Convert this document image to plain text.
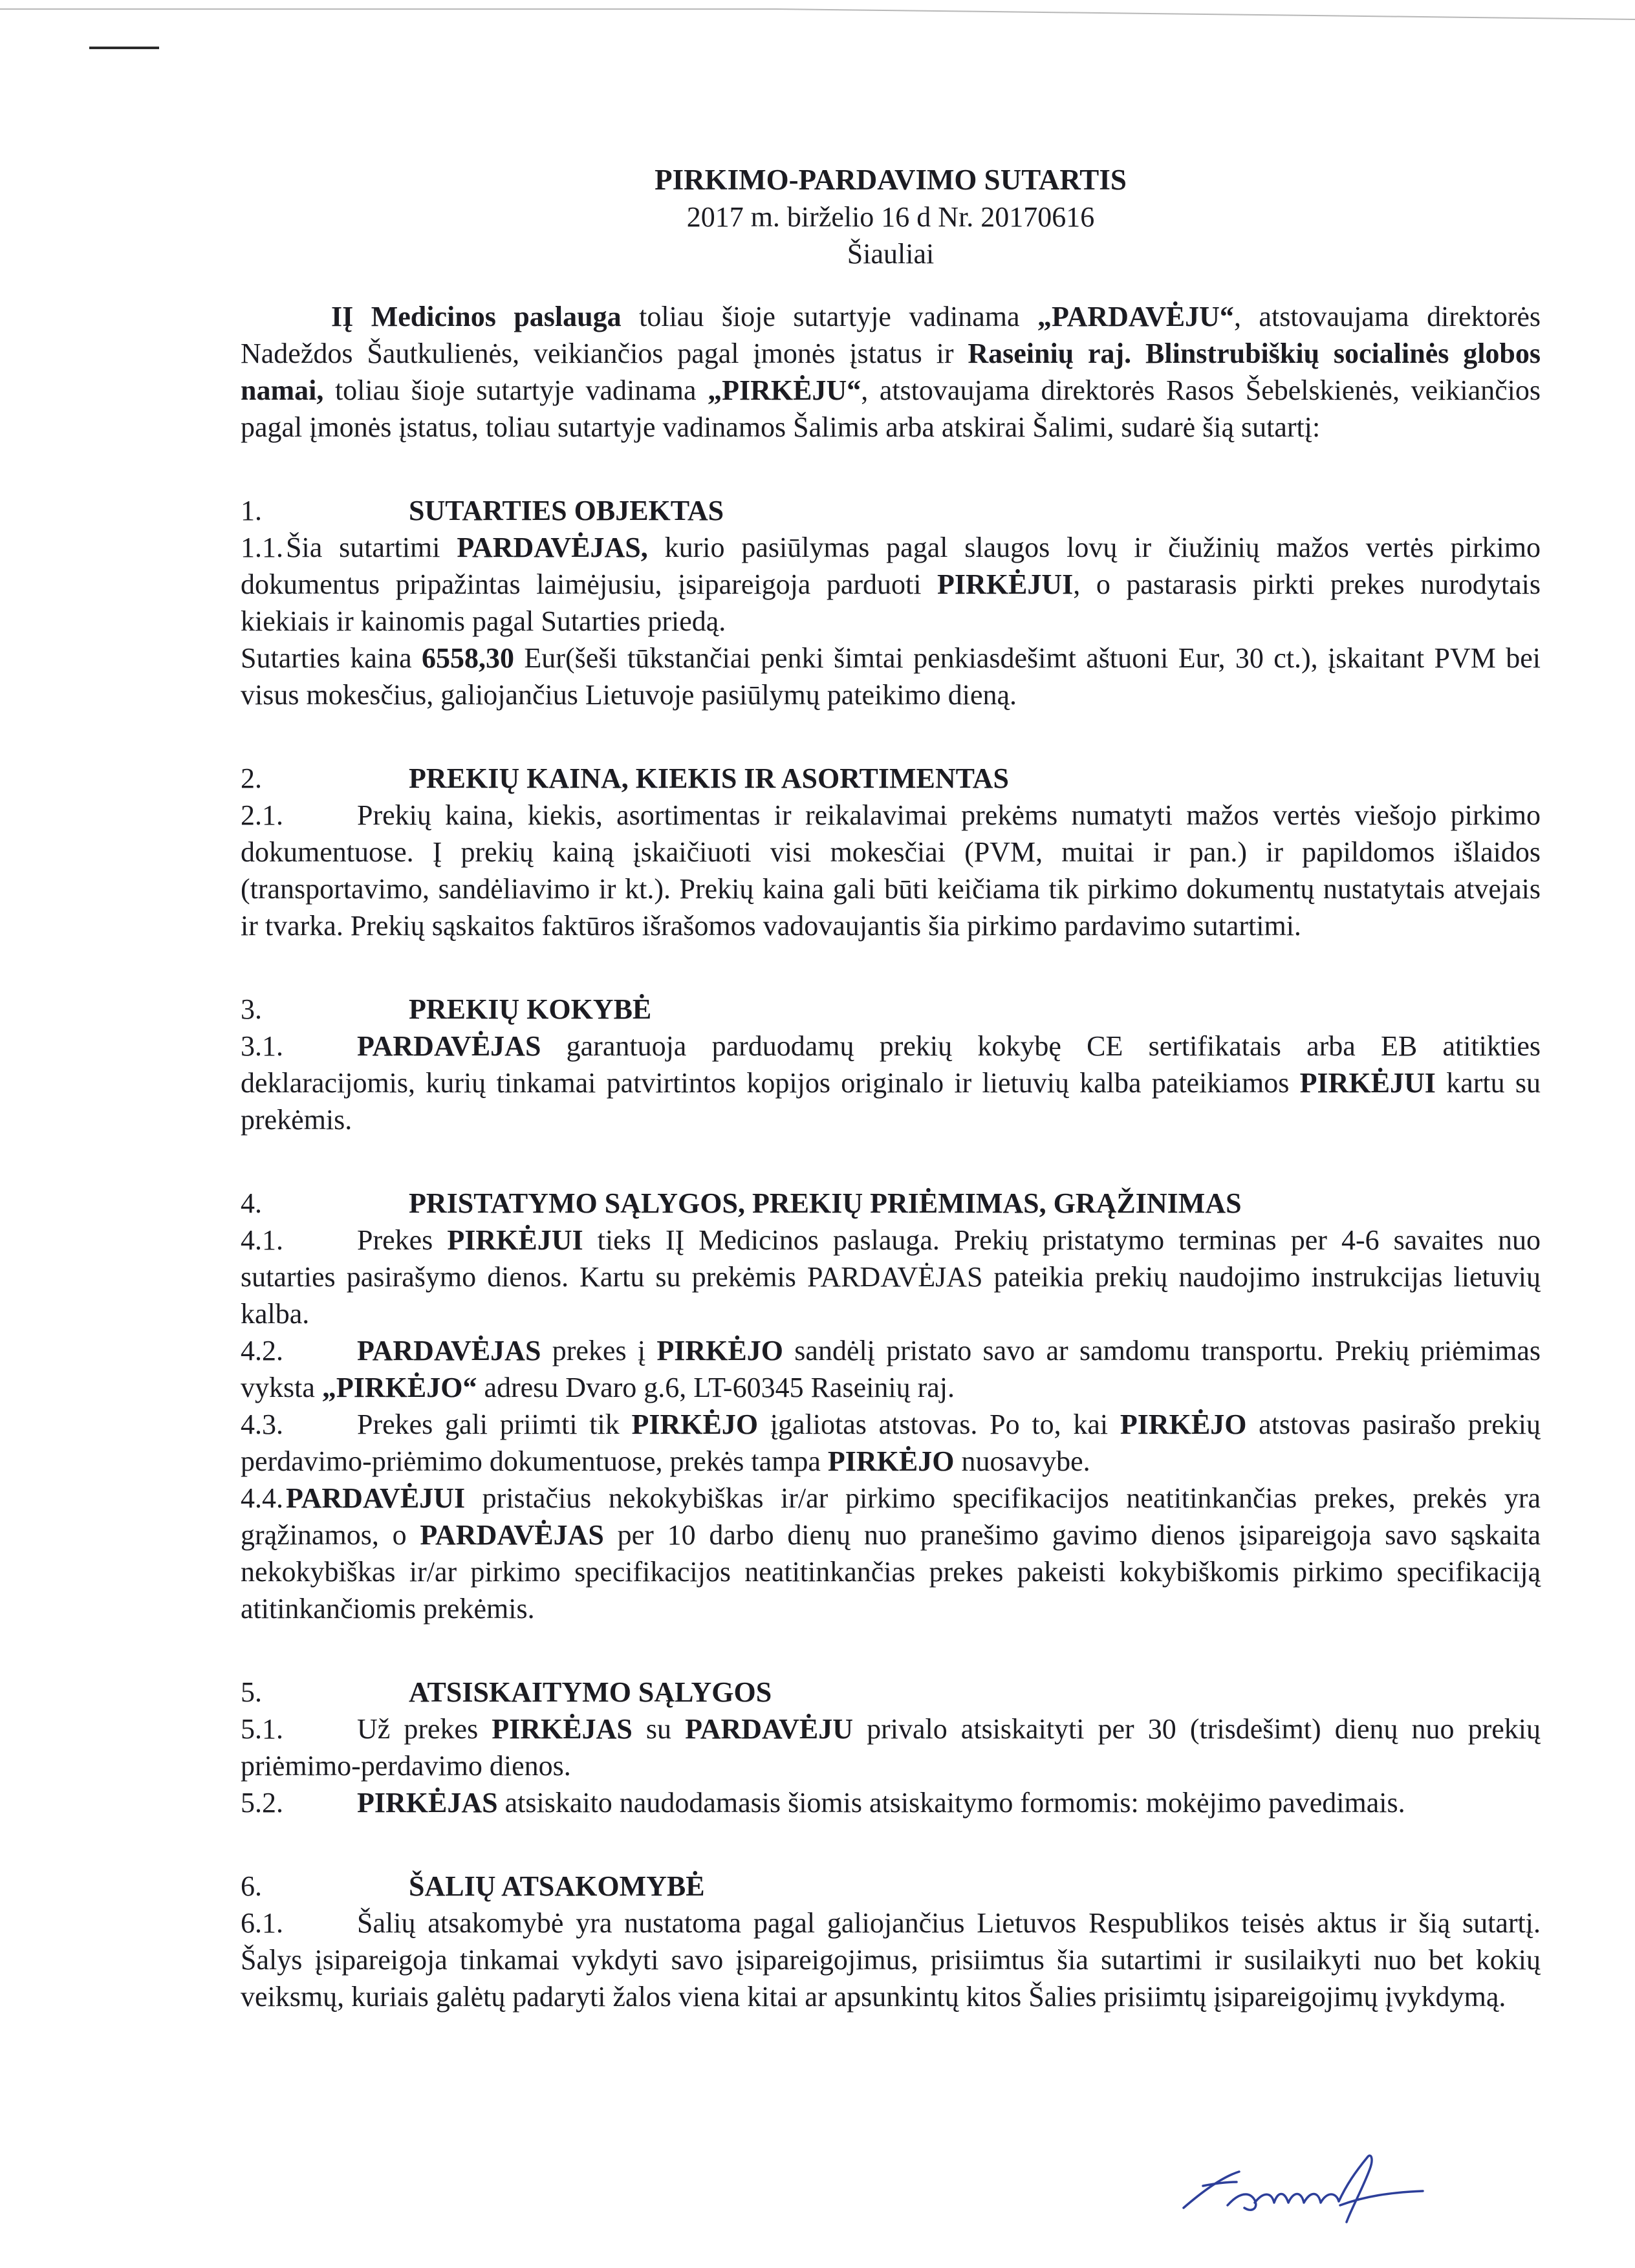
PIRKIMO-PARDAVIMO SUTARTIS

2017 m. birželio 16 d Nr. 20170616

Šiauliai

IĮ Medicinos paslauga toliau šioje sutartyje vadinama „PARDAVĖJU“, atstovaujama direktorės Nadeždos Šautkulienės, veikiančios pagal įmonės įstatus ir Raseinių raj. Blinstrubiškių socialinės globos namai, toliau šioje sutartyje vadinama „PIRKĖJU“, atstovaujama direktorės Rasos Šebelskienės, veikiančios pagal įmonės įstatus, toliau sutartyje vadinamos Šalimis arba atskirai Šalimi, sudarė šią sutartį:

1.	SUTARTIES OBJEKTAS

1.1.Šia sutartimi PARDAVĖJAS, kurio pasiūlymas pagal slaugos lovų ir čiužinių mažos vertės pirkimo dokumentus pripažintas laimėjusiu, įsipareigoja parduoti PIRKĖJUI, o pastarasis pirkti prekes nurodytais kiekiais ir kainomis pagal Sutarties priedą.

Sutarties kaina 6558,30 Eur(šeši tūkstančiai penki šimtai penkiasdešimt aštuoni Eur, 30 ct.), įskaitant PVM bei visus mokesčius, galiojančius Lietuvoje pasiūlymų pateikimo dieną.

2.	PREKIŲ KAINA, KIEKIS IR ASORTIMENTAS

2.1.	Prekių kaina, kiekis, asortimentas ir reikalavimai prekėms numatyti mažos vertės viešojo pirkimo dokumentuose. Į prekių kainą įskaičiuoti visi mokesčiai (PVM, muitai ir pan.) ir papildomos išlaidos (transportavimo, sandėliavimo ir kt.). Prekių kaina gali būti keičiama tik pirkimo dokumentų nustatytais atvejais ir tvarka. Prekių sąskaitos faktūros išrašomos vadovaujantis šia pirkimo pardavimo sutartimi.

3.	PREKIŲ KOKYBĖ

3.1.	PARDAVĖJAS garantuoja parduodamų prekių kokybę CE sertifikatais arba EB atitikties deklaracijomis, kurių tinkamai patvirtintos kopijos originalo ir lietuvių kalba pateikiamos PIRKĖJUI kartu su prekėmis.

4.	PRISTATYMO SĄLYGOS, PREKIŲ PRIĖMIMAS, GRĄŽINIMAS

4.1.	Prekes PIRKĖJUI tieks IĮ Medicinos paslauga. Prekių pristatymo terminas per 4-6 savaites nuo sutarties pasirašymo dienos. Kartu su prekėmis PARDAVĖJAS pateikia prekių naudojimo instrukcijas lietuvių kalba.

4.2.	PARDAVĖJAS prekes į PIRKĖJO sandėlį pristato savo ar samdomu transportu. Prekių priėmimas vyksta „PIRKĖJO“ adresu Dvaro g.6, LT-60345 Raseinių raj.

4.3.	Prekes gali priimti tik PIRKĖJO įgaliotas atstovas. Po to, kai PIRKĖJO atstovas pasirašo prekių perdavimo-priėmimo dokumentuose, prekės tampa PIRKĖJO nuosavybe.

4.4.PARDAVĖJUI pristačius nekokybiškas ir/ar pirkimo specifikacijos neatitinkančias prekes, prekės yra grąžinamos, o PARDAVĖJAS per 10 darbo dienų nuo pranešimo gavimo dienos įsipareigoja savo sąskaita nekokybiškas ir/ar pirkimo specifikacijos neatitinkančias prekes pakeisti kokybiškomis pirkimo specifikaciją atitinkančiomis prekėmis.

5.	ATSISKAITYMO SĄLYGOS

5.1.	Už prekes PIRKĖJAS su PARDAVĖJU privalo atsiskaityti per 30 (trisdešimt) dienų nuo prekių priėmimo-perdavimo dienos.

5.2.	PIRKĖJAS atsiskaito naudodamasis šiomis atsiskaitymo formomis: mokėjimo pavedimais.

6.	ŠALIŲ ATSAKOMYBĖ

6.1.	Šalių atsakomybė yra nustatoma pagal galiojančius Lietuvos Respublikos teisės aktus ir šią sutartį. Šalys įsipareigoja tinkamai vykdyti savo įsipareigojimus, prisiimtus šia sutartimi ir susilaikyti nuo bet kokių veiksmų, kuriais galėtų padaryti žalos viena kitai ar apsunkintų kitos Šalies prisiimtų įsipareigojimų įvykdymą.
